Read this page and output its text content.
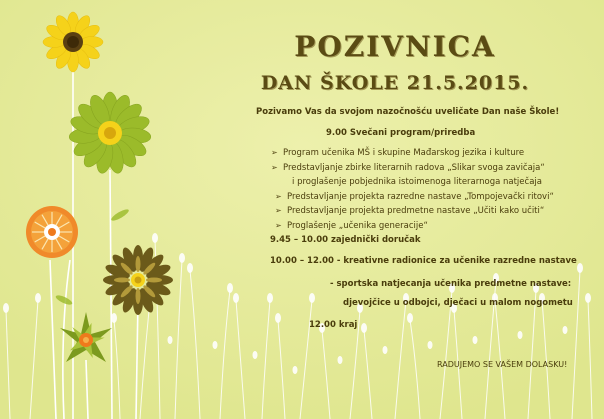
POZIVNICA
DAN ŠKOLE 21.5.2015.
Pozivamo Vas da svojom nazočnošću uveličate Dan naše Škole!
9.00 Svečani program/priredba
➢ Program učenika MŠ i skupine Mađarskog jezika i kulture
➢ Predstavljanje zbirke literarnih radova „Slikar svoga zavičaja“
i proglašenje pobjednika istoimenoga literarnoga natječaja
➢ Predstavljanje projekta razredne nastave „Tompojevački ritovi“
➢ Predstavljanje projekta predmetne nastave „Učiti kako učiti“
➢ Proglašenje „učenika generacije“
9.45 – 10.00 zajednički doručak
10.00 – 12.00 - kreativne radionice za učenike razredne nastave
- sportska natjecanja učenika predmetne nastave:
djevojčice u odbojci, dječaci u malom nogometu
12.00 kraj
RADUJEMO SE VAŠEM DOLASKU!
